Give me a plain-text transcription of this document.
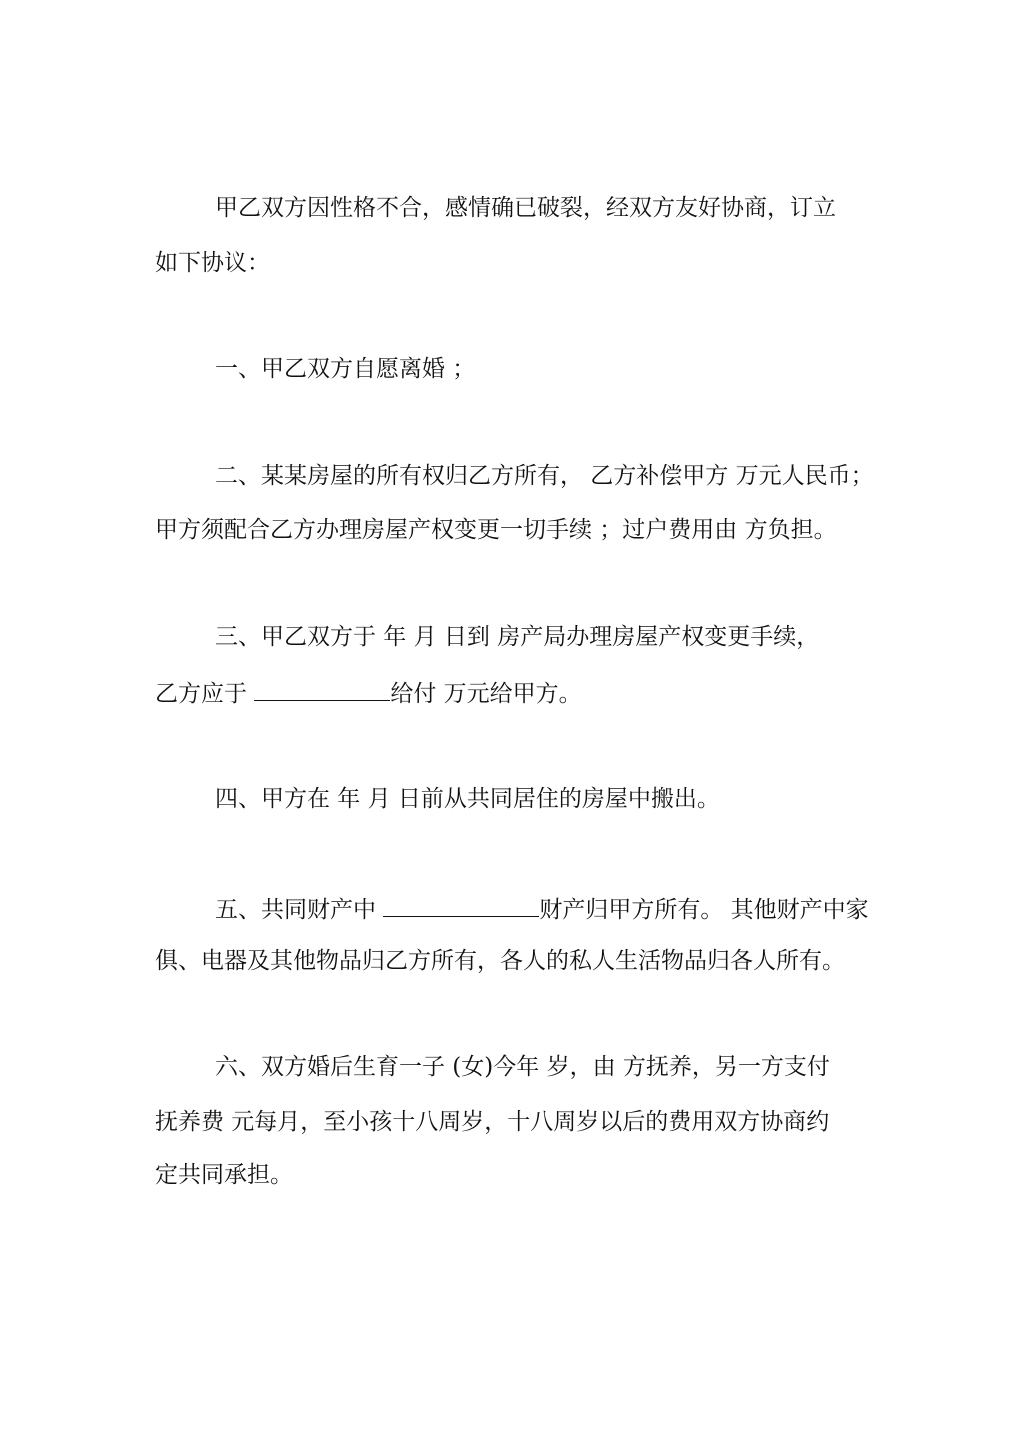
甲乙双方因性格不合，感情确已破裂，经双方友好协商，订立
如下协议：
一、甲乙双方自愿离婚 ；
二、某某房屋的所有权归乙方所有， 乙方补偿甲方 万元人民币；
甲方须配合乙方办理房屋产权变更一切手续 ；过户费用由 方负担。
三、甲乙双方于 年 月 日到 房产局办理房屋产权变更手续，
乙方应于	给付 万元给甲方。
四、甲方在 年 月 日前从共同居住的房屋中搬出。
五、共同财产中	财产归甲方所有。 其他财产中家
俱、电器及其他物品归乙方所有，各人的私人生活物品归各人所有。
六、双方婚后生育一子 (女)今年 岁，由 方抚养，另一方支付
抚养费 元每月，至小孩十八周岁，十八周岁以后的费用双方协商约
定共同承担。
